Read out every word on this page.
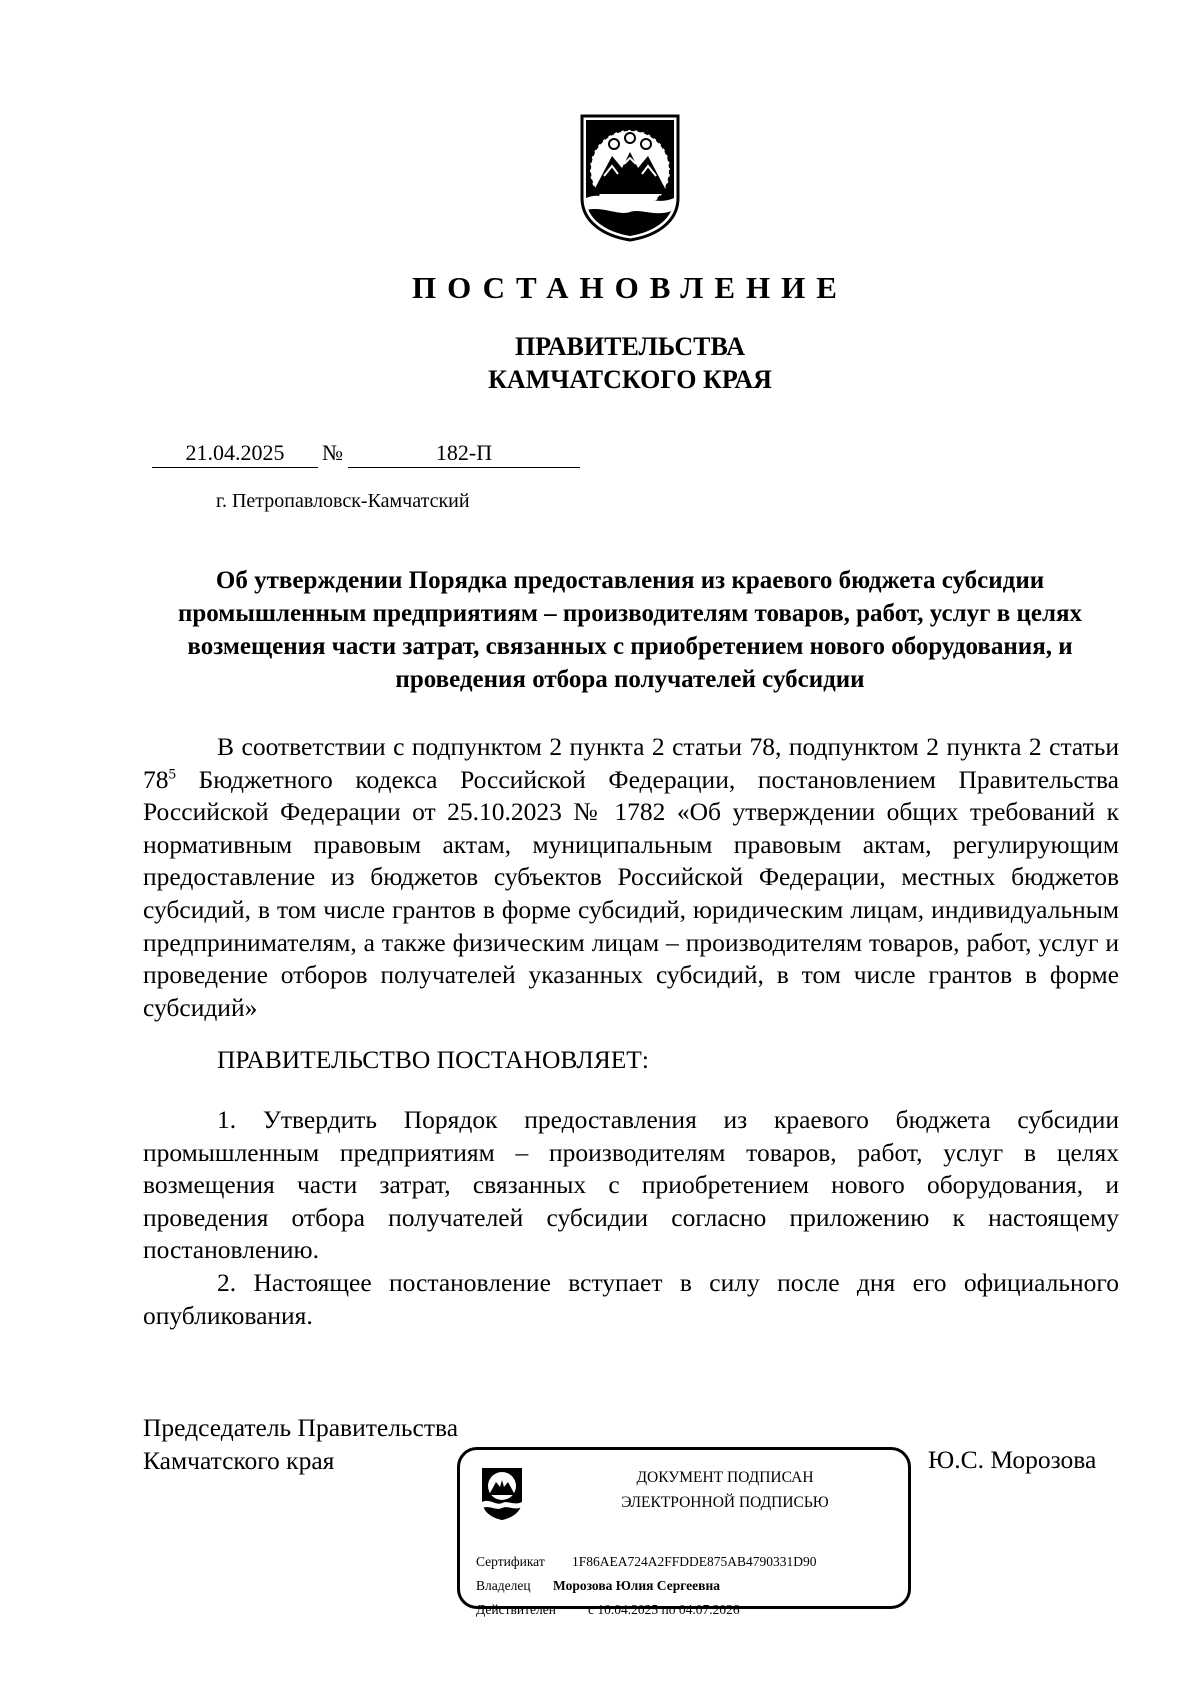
ПОСТАНОВЛЕНИЕ
ПРАВИТЕЛЬСТВА
КАМЧАТСКОГО КРАЯ
21.04.2025	№	182-П
г. Петропавловск-Камчатский
Об утверждении Порядка предоставления из краевого бюджета субсидии промышленным предприятиям – производителям товаров, работ, услуг в целях возмещения части затрат, связанных с приобретением нового оборудования, и проведения отбора получателей субсидии

В соответствии с подпунктом 2 пункта 2 статьи 78, подпунктом 2 пункта 2 статьи $78^5$ Бюджетного кодекса Российской Федерации, постановлением Правительства Российской Федерации от 25.10.2023 № 1782 «Об утверждении общих требований к нормативным правовым актам, муниципальным правовым актам, регулирующим предоставление из бюджетов субъектов Российской Федерации, местных бюджетов субсидий, в том числе грантов в форме субсидий, юридическим лицам, индивидуальным предпринимателям, а также физическим лицам – производителям товаров, работ, услуг и проведение отборов получателей указанных субсидий, в том числе грантов в форме субсидий»

ПРАВИТЕЛЬСТВО ПОСТАНОВЛЯЕТ:

1. Утвердить Порядок предоставления из краевого бюджета субсидии промышленным предприятиям – производителям товаров, работ, услуг в целях возмещения части затрат, связанных с приобретением нового оборудования, и проведения отбора получателей субсидии согласно приложению к настоящему постановлению.

2. Настоящее постановление вступает в силу после дня его официального опубликования.

Председатель Правительства
Камчатского края	Ю.С. Морозова
ДОКУМЕНТ ПОДПИСАН
ЭЛЕКТРОННОЙ ПОДПИСЬЮ
Сертификат 1F86AEA724A2FFDDE875AB4790331D90
Владелец Морозова Юлия Сергеевна
Действителен с 10.04.2025 по 04.07.2026
